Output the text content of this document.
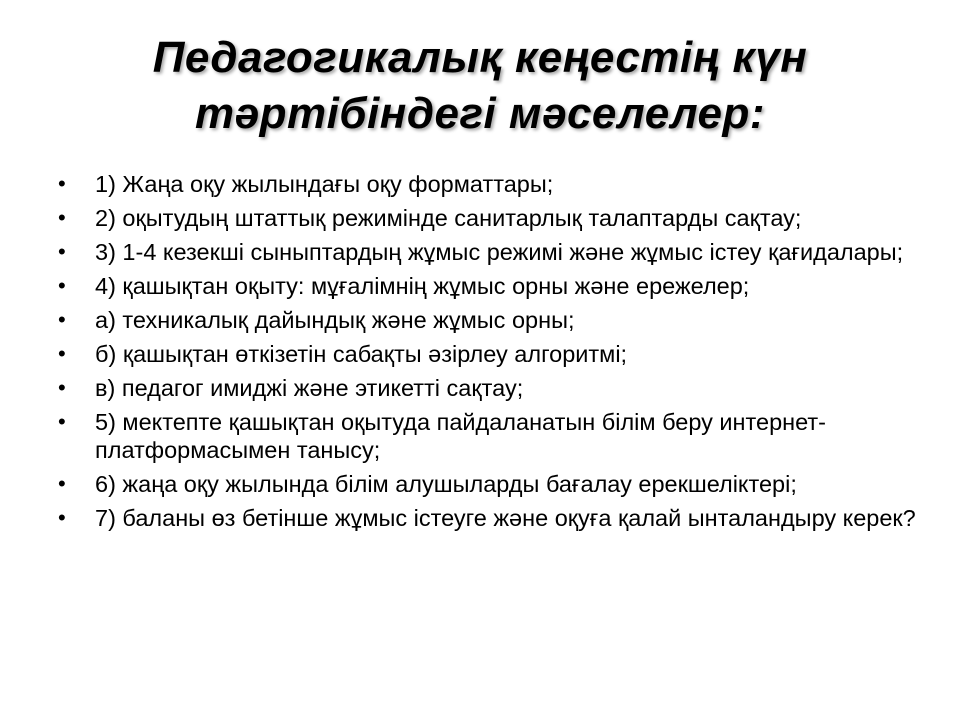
Педагогикалық кеңестің күн
тәртібіндегі мәселелер:
•	1) Жаңа оқу жылындағы оқу форматтары;
•	2) оқытудың штаттық режимінде санитарлық талаптарды сақтау;
•	3) 1-4 кезекші сыныптардың жұмыс режимі және жұмыс істеу қағидалары;
•	4) қашықтан оқыту: мұғалімнің жұмыс орны және ережелер;
•	а) техникалық дайындық және жұмыс орны;
•	б) қашықтан өткізетін сабақты әзірлеу алгоритмі;
•	в) педагог имиджі және этикетті сақтау;
•	5) мектепте қашықтан оқытуда пайдаланатын білім беру интернет-платформасымен танысу;
•	6) жаңа оқу жылында білім алушыларды бағалау ерекшеліктері;
•	7) баланы өз бетінше жұмыс істеуге және оқуға қалай ынталандыру керек?
